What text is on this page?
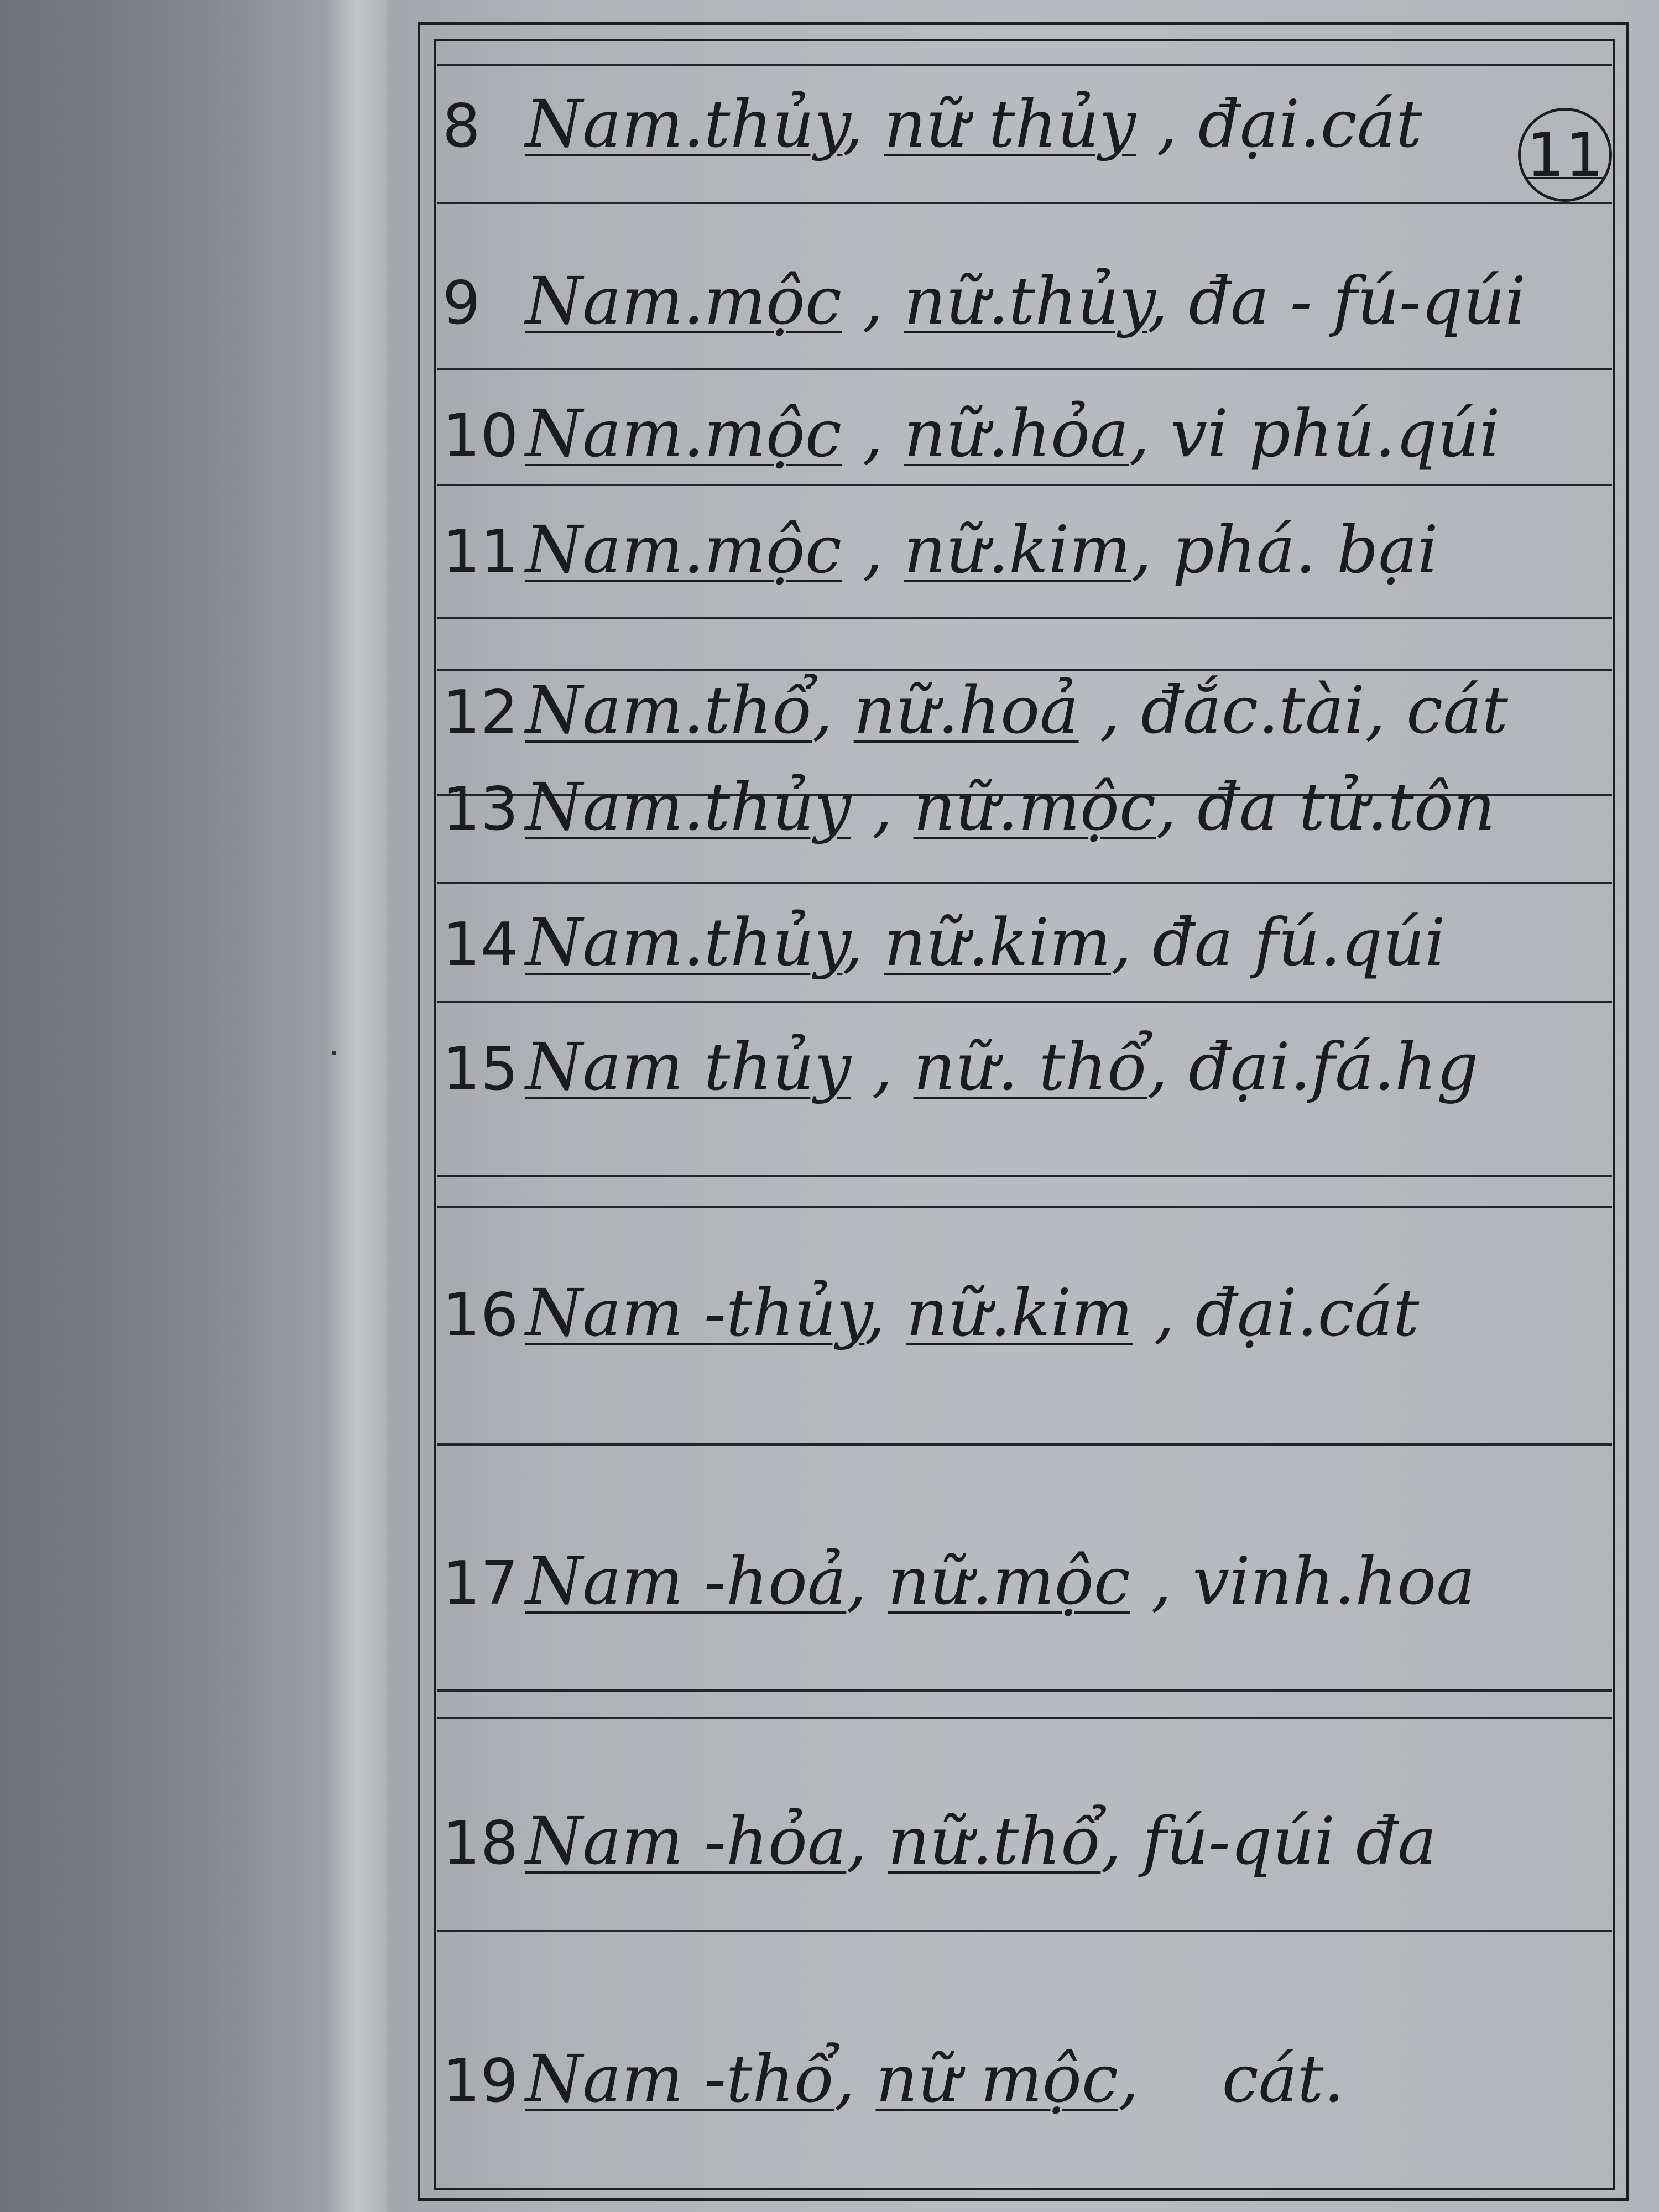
11
8 Nam.thủy, nữ thủy , đại.cát
9 Nam.mộc , nữ.thủy, đa - fú-qúi
10 Nam.mộc , nữ.hỏa, vi phú.qúi
11 Nam.mộc , nữ.kim, phá. bại
12 Nam.thổ, nữ.hoả , đắc.tài, cát
13 Nam.thủy , nữ.mộc, đa tử.tôn
14 Nam.thủy, nữ.kim, đa fú.qúi
15 Nam thủy , nữ. thổ, đại.fá.hg
16 Nam -thủy, nữ.kim , đại.cát
17 Nam -hoả, nữ.mộc , vinh.hoa
18 Nam -hỏa, nữ.thổ, fú-qúi đa
19 Nam -thổ, nữ mộc,    cát.
